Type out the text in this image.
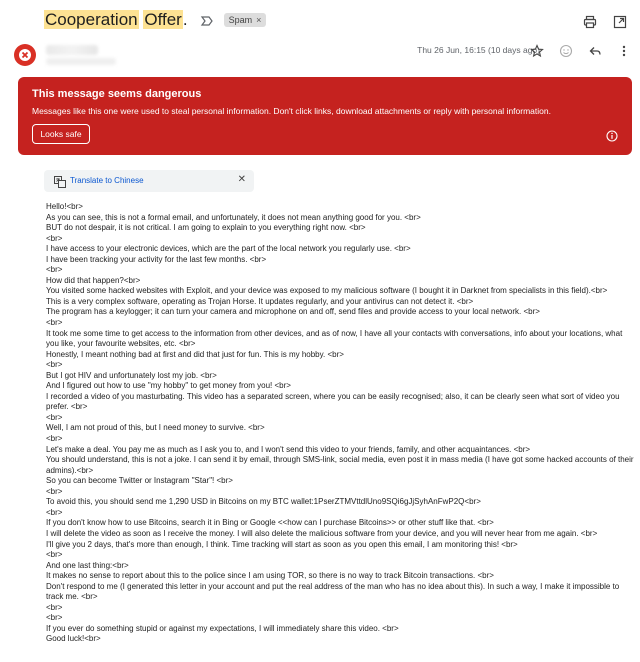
Cooperation Offer.	Spam ×
Thu 26 Jun, 16:15 (10 days ago)
This message seems dangerous
Messages like this one were used to steal personal information. Don't click links, download attachments or reply with personal information.
Looks safe
Translate to Chinese	✕
Hello!<br>
As you can see, this is not a formal email, and unfortunately, it does not mean anything good for you. <br>
BUT do not despair, it is not critical. I am going to explain to you everything right now. <br>
<br>
I have access to your electronic devices, which are the part of the local network you regularly use. <br>
I have been tracking your activity for the last few months. <br>
<br>
How did that happen?<br>
You visited some hacked websites with Exploit, and your device was exposed to my malicious software (I bought it in Darknet from specialists in this field).<br>
This is a very complex software, operating as Trojan Horse. It updates regularly, and your antivirus can not detect it. <br>
The program has a keylogger; it can turn your camera and microphone on and off, send files and provide access to your local network. <br>
<br>
It took me some time to get access to the information from other devices, and as of now, I have all your contacts with conversations, info about your locations, what you like, your favourite websites, etc. <br>
Honestly, I meant nothing bad at first and did that just for fun. This is my hobby. <br>
<br>
But I got HIV and unfortunately lost my job. <br>
And I figured out how to use "my hobby" to get money from you! <br>
I recorded a video of you masturbating. This video has a separated screen, where you can be easily recognised; also, it can be clearly seen what sort of video you prefer. <br>
<br>
Well, I am not proud of this, but I need money to survive. <br>
<br>
Let's make a deal. You pay me as much as I ask you to, and I won't send this video to your friends, family, and other acquaintances. <br>
You should understand, this is not a joke. I can send it by email, through SMS-link, social media, even post it in mass media (I have got some hacked accounts of their admins).<br>
So you can become Twitter or Instagram "Star"! <br>
<br>
To avoid this, you should send me 1,290 USD in Bitcoins on my BTC wallet:1PserZTMVttdlUno9SQi6gJjSyhAnFwP2Q<br>
<br>
If you don't know how to use Bitcoins, search it in Bing or Google <<how can I purchase Bitcoins>> or other stuff like that. <br>
I will delete the video as soon as I receive the money. I will also delete the malicious software from your device, and you will never hear from me again. <br>
I'll give you 2 days, that's more than enough, I think. Time tracking will start as soon as you open this email, I am monitoring this! <br>
<br>
And one last thing:<br>
It makes no sense to report about this to the police since I am using TOR, so there is no way to track Bitcoin transactions. <br>
Don't respond to me (I generated this letter in your account and put the real address of the man who has no idea about this). In such a way, I make it impossible to track me. <br>
<br>
<br>
If you ever do something stupid or against my expectations, I will immediately share this video. <br>
Good luck!<br>
